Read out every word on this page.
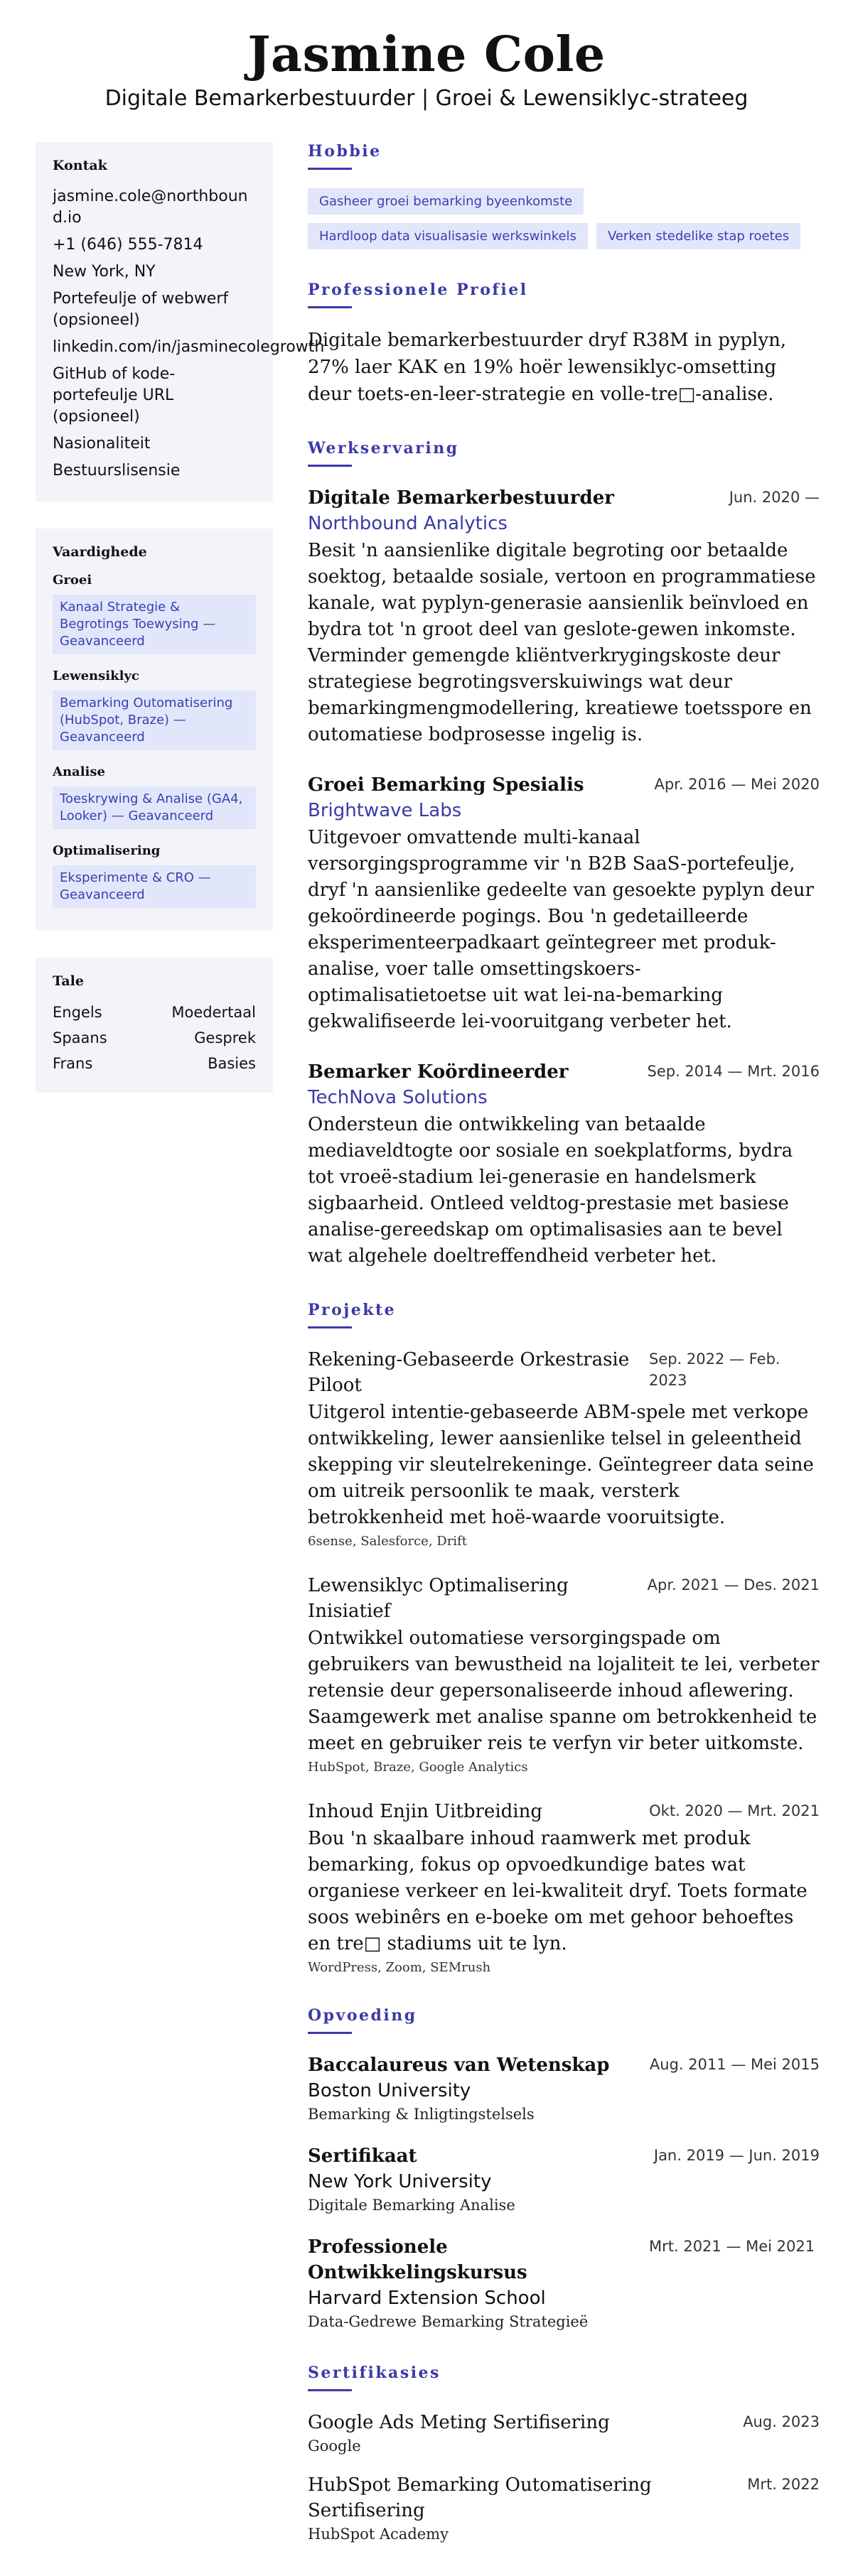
Jasmine Cole
Digitale Bemarkerbestuurder | Groei & Lewensiklyc-strateeg
Kontak
jasmine.cole@northbound.io
+1 (646) 555-7814
New York, NY
Portefeulje of webwerf (opsioneel)
linkedin.com/in/jasminecolegrowth
GitHub of kode-portefeulje URL (opsioneel)
Nasionaliteit
Bestuurslisensie
Vaardighede
Groei
Kanaal Strategie & Begrotings Toewysing — Geavanceerd
Lewensiklyc
Bemarking Outomatisering (HubSpot, Braze) — Geavanceerd
Analise
Toeskrywing & Analise (GA4, Looker) — Geavanceerd
Optimalisering
Eksperimente & CRO — Geavanceerd
Tale
Engels	Moedertaal
Spaans	Gesprek
Frans	Basies
Hobbie
Gasheer groei bemarking byeenkomste
Hardloop data visualisasie werkswinkels	Verken stedelike stap roetes
Professionele Profiel
Digitale bemarkerbestuurder dryf R38M in pyplyn, 27% laer KAK en 19% hoër lewensiklyc-omsetting deur toets-en-leer-strategie en volle-tre□-analise.
Werkservaring
Digitale Bemarkerbestuurder	Jun. 2020 —
Northbound Analytics
Besit 'n aansienlike digitale begroting oor betaalde soektog, betaalde sosiale, vertoon en programmatiese kanale, wat pyplyn-generasie aansienlik beïnvloed en bydra tot 'n groot deel van geslote-gewen inkomste. Verminder gemengde kliëntverkrygingskoste deur strategiese begrotingsverskuiwings wat deur bemarkingmengmodellering, kreatiewe toetsspore en outomatiese bodprosesse ingelig is.
Groei Bemarking Spesialis	Apr. 2016 — Mei 2020
Brightwave Labs
Uitgevoer omvattende multi-kanaal versorgingsprogramme vir 'n B2B SaaS-portefeulje, dryf 'n aansienlike gedeelte van gesoekte pyplyn deur gekoördineerde pogings. Bou 'n gedetailleerde eksperimenteerpadkaart geïntegreer met produk-analise, voer talle omsettingskoers-optimalisatietoetse uit wat lei-na-bemarking gekwalifiseerde lei-vooruitgang verbeter het.
Bemarker Koördineerder	Sep. 2014 — Mrt. 2016
TechNova Solutions
Ondersteun die ontwikkeling van betaalde mediaveldtogte oor sosiale en soekplatforms, bydra tot vroeë-stadium lei-generasie en handelsmerk sigbaarheid. Ontleed veldtog-prestasie met basiese analise-gereedskap om optimalisasies aan te bevel wat algehele doeltreffendheid verbeter het.
Projekte
Rekening-Gebaseerde Orkestrasie Piloot
Sep. 2022 — Feb. 2023
Uitgerol intentie-gebaseerde ABM-spele met verkope ontwikkeling, lewer aansienlike telsel in geleentheid skepping vir sleutelrekeninge. Geïntegreer data seine om uitreik persoonlik te maak, versterk betrokkenheid met hoë-waarde vooruitsigte.
6sense, Salesforce, Drift
Lewensiklyc Optimalisering Inisiatief
Apr. 2021 — Des. 2021
Ontwikkel outomatiese versorgingspade om gebruikers van bewustheid na lojaliteit te lei, verbeter retensie deur gepersonaliseerde inhoud aflewering. Saamgewerk met analise spanne om betrokkenheid te meet en gebruiker reis te verfyn vir beter uitkomste.
HubSpot, Braze, Google Analytics
Inhoud Enjin Uitbreiding	Okt. 2020 — Mrt. 2021
Bou 'n skaalbare inhoud raamwerk met produk bemarking, fokus op opvoedkundige bates wat organiese verkeer en lei-kwaliteit dryf. Toets formate soos webinêrs en e-boeke om met gehoor behoeftes en tre□ stadiums uit te lyn.
WordPress, Zoom, SEMrush
Opvoeding
Baccalaureus van Wetenskap	Aug. 2011 — Mei 2015
Boston University
Bemarking & Inligtingstelsels
Sertifikaat	Jan. 2019 — Jun. 2019
New York University
Digitale Bemarking Analise
Professionele Ontwikkelingskursus
Mrt. 2021 — Mei 2021
Harvard Extension School
Data-Gedrewe Bemarking Strategieë
Sertifikasies
Google Ads Meting Sertifisering	Aug. 2023
Google
HubSpot Bemarking Outomatisering Sertifisering
Mrt. 2022
HubSpot Academy
